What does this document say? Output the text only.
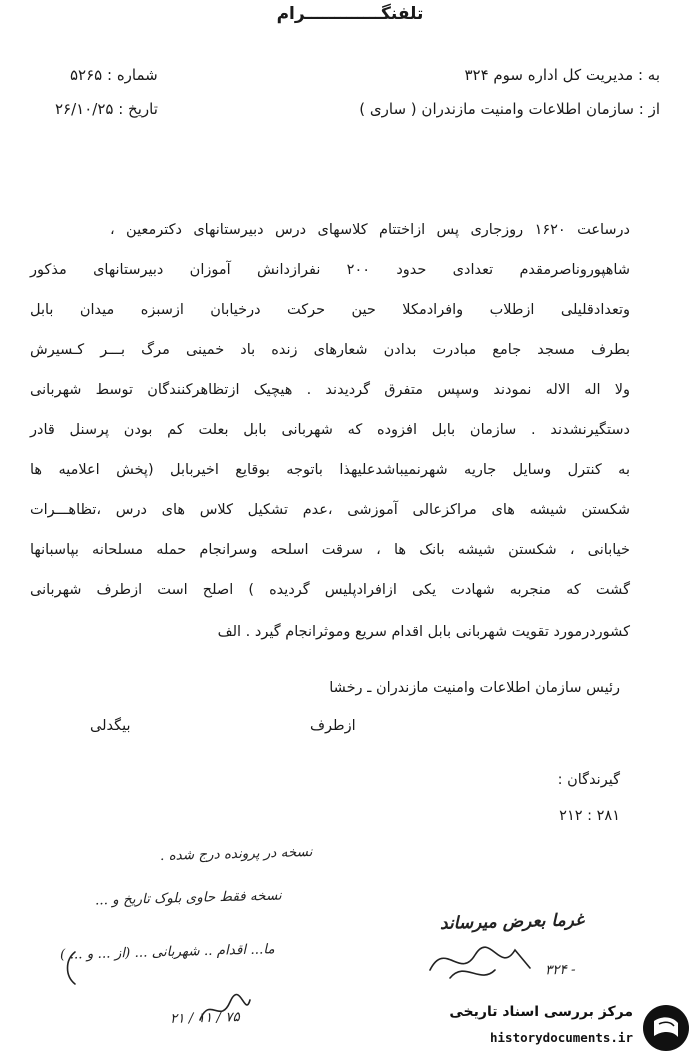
تلفنگـــــــــــــرام
به : مدیریت کل اداره سوم ۳۲۴
از : سازمان اطلاعات وامنیت مازندران ( ساری )
شماره : ۵۲۶۵
تاریخ : ۲۶/۱۰/۲۵
درساعت ۱۶۲۰ روزجاری پس ازاختتام کلاسهای درس دبیرستانهای دکترمعین ،
شاهپوروناصرمقدم تعدادی حدود ۲۰۰ نفرازدانش آموزان دبیرستانهای مذکور
وتعدادقلیلی ازطلاب وافرادمکلا حین حرکت درخیابان ازسبزه میدان بابل
بطرف مسجد جامع مبادرت بدادن شعارهای زنده باد خمینی مرگ بـــر کـسیرش
ولا اله الاله نمودند وسپس متفرق گردیدند . هیچیک ازتظاهرکنندگان توسط شهربانی
دستگیرنشدند . سازمان بابل افزوده که شهربانی بابل بعلت کم بودن پرسنل قادر
به کنترل وسایل جاریه شهرنمیباشدعلیهذا باتوجه بوقایع اخیربابل (پخش اعلامیه ها
شکستن شیشه های مراکزعالی آموزشی ،عدم تشکیل کلاس های درس ،تظاهـــرات
خیابانی ، شکستن شیشه بانک ها ، سرقت اسلحه وسرانجام حمله مسلحانه بپاسبانها
گشت که منجربه شهادت یکی ازافرادپلیس گردیده ) اصلح است ازطرف شهربانی
کشوردرمورد تقویت شهربانی بابل اقدام سریع وموثرانجام گیرد . الف
رئیس سازمان اطلاعات وامنیت مازندران ـ رخشا
ازطرف
بیگدلی
گیرندگان :
۲۱۲ : ۲۸۱
نسخه در پرونده درج شده .
نسخه فقط حاوی بلوک تاریخ و ...
ما... اقدام .. شهربانی ... (از ... و ... )
۲۱ / ۱۱ / ۷۵
غرما بعرض میرساند
۳۲۴ -
مرکز بررسی اسناد تاریخی
historydocuments.ir
